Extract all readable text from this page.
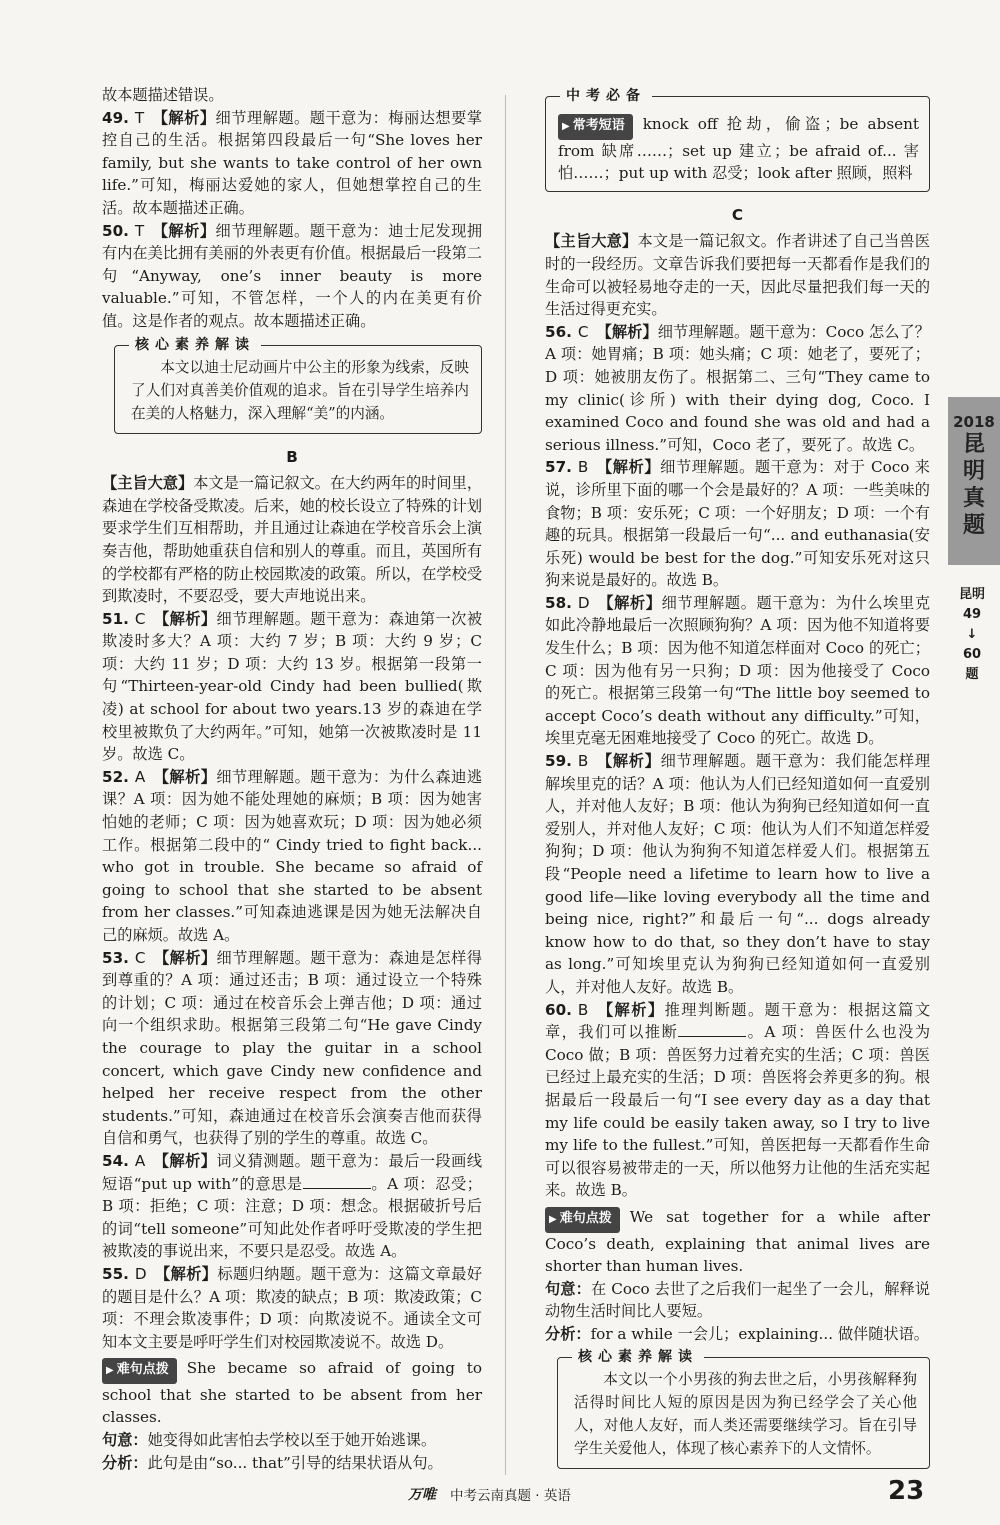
故本题描述错误。

49. T 【解析】细节理解题。题干意为：梅丽达想要掌控自己的生活。根据第四段最后一句“She loves her family, but she wants to take control of her own life.”可知，梅丽达爱她的家人，但她想掌控自己的生活。故本题描述正确。

50. T 【解析】细节理解题。题干意为：迪士尼发现拥有内在美比拥有美丽的外表更有价值。根据最后一段第二句“Anyway, one’s inner beauty is more valuable.”可知，不管怎样，一个人的内在美更有价值。这是作者的观点。故本题描述正确。

核心素养解读

本文以迪士尼动画片中公主的形象为线索，反映了人们对真善美价值观的追求。旨在引导学生培养内在美的人格魅力，深入理解“美”的内涵。

B

【主旨大意】本文是一篇记叙文。在大约两年的时间里，森迪在学校备受欺凌。后来，她的校长设立了特殊的计划要求学生们互相帮助，并且通过让森迪在学校音乐会上演奏吉他，帮助她重获自信和别人的尊重。而且，英国所有的学校都有严格的防止校园欺凌的政策。所以，在学校受到欺凌时，不要忍受，要大声地说出来。

51. C 【解析】细节理解题。题干意为：森迪第一次被欺凌时多大？A 项：大约 7 岁；B 项：大约 9 岁；C 项：大约 11 岁；D 项：大约 13 岁。根据第一段第一句“Thirteen-year-old Cindy had been bullied(欺凌) at school for about two years.13 岁的森迪在学校里被欺负了大约两年。”可知，她第一次被欺凌时是 11 岁。故选 C。

52. A 【解析】细节理解题。题干意为：为什么森迪逃课？A 项：因为她不能处理她的麻烦；B 项：因为她害怕她的老师；C 项：因为她喜欢玩；D 项：因为她必须工作。根据第二段中的“ Cindy tried to fight back... who got in trouble. She became so afraid of going to school that she started to be absent from her classes.”可知森迪逃课是因为她无法解决自己的麻烦。故选 A。

53. C 【解析】细节理解题。题干意为：森迪是怎样得到尊重的？A 项：通过还击；B 项：通过设立一个特殊的计划；C 项：通过在校音乐会上弹吉他；D 项：通过向一个组织求助。根据第三段第二句“He gave Cindy the courage to play the guitar in a school concert, which gave Cindy new confidence and helped her receive respect from the other students.”可知，森迪通过在校音乐会演奏吉他而获得自信和勇气，也获得了别的学生的尊重。故选 C。

54. A 【解析】词义猜测题。题干意为：最后一段画线短语“put up with”的意思是	。A 项：忍受；B 项：拒绝；C 项：注意；D 项：想念。根据破折号后的词“tell someone”可知此处作者呼吁受欺凌的学生把被欺凌的事说出来，不要只是忍受。故选 A。

55. D 【解析】标题归纳题。题干意为：这篇文章最好的题目是什么？A 项：欺凌的缺点；B 项：欺凌政策；C 项：不理会欺凌事件；D 项：向欺凌说不。通读全文可知本文主要是呼吁学生们对校园欺凌说不。故选 D。

▶ 难句点拨 She became so afraid of going to school that she started to be absent from her classes.

句意：她变得如此害怕去学校以至于她开始逃课。

分析：此句是由“so... that”引导的结果状语从句。

中考必备

▶ 常考短语 knock off 抢劫，偷盗；be absent from 缺席……；set up 建立；be afraid of... 害怕……；put up with 忍受；look after 照顾，照料

C

【主旨大意】本文是一篇记叙文。作者讲述了自己当兽医时的一段经历。文章告诉我们要把每一天都看作是我们的生命可以被轻易地夺走的一天，因此尽量把我们每一天的生活过得更充实。

56. C 【解析】细节理解题。题干意为：Coco 怎么了？A 项：她胃痛；B 项：她头痛；C 项：她老了，要死了；D 项：她被朋友伤了。根据第二、三句“They came to my clinic(诊所) with their dying dog, Coco. I examined Coco and found she was old and had a serious illness.”可知，Coco 老了，要死了。故选 C。

57. B 【解析】细节理解题。题干意为：对于 Coco 来说，诊所里下面的哪一个会是最好的？A 项：一些美味的食物；B 项：安乐死；C 项：一个好朋友；D 项：一个有趣的玩具。根据第一段最后一句“... and euthanasia(安乐死) would be best for the dog.”可知安乐死对这只狗来说是最好的。故选 B。

58. D 【解析】细节理解题。题干意为：为什么埃里克如此冷静地最后一次照顾狗狗？A 项：因为他不知道将要发生什么；B 项：因为他不知道怎样面对 Coco 的死亡；C 项：因为他有另一只狗；D 项：因为他接受了 Coco 的死亡。根据第三段第一句“The little boy seemed to accept Coco’s death without any difficulty.”可知，埃里克毫无困难地接受了 Coco 的死亡。故选 D。

59. B 【解析】细节理解题。题干意为：我们能怎样理解埃里克的话？A 项：他认为人们已经知道如何一直爱别人，并对他人友好；B 项：他认为狗狗已经知道如何一直爱别人，并对他人友好；C 项：他认为人们不知道怎样爱狗狗；D 项：他认为狗狗不知道怎样爱人们。根据第五段“People need a lifetime to learn how to live a good life—like loving everybody all the time and being nice, right?”和最后一句“... dogs already know how to do that, so they don’t have to stay as long.”可知埃里克认为狗狗已经知道如何一直爱别人，并对他人友好。故选 B。

60. B 【解析】推理判断题。题干意为：根据这篇文章，我们可以推断	。A 项：兽医什么也没为 Coco 做；B 项：兽医努力过着充实的生活；C 项：兽医已经过上最充实的生活；D 项：兽医将会养更多的狗。根据最后一段最后一句“I see every day as a day that my life could be easily taken away, so I try to live my life to the fullest.”可知，兽医把每一天都看作生命可以很容易被带走的一天，所以他努力让他的生活充实起来。故选 B。

▶ 难句点拨 We sat together for a while after Coco’s death, explaining that animal lives are shorter than human lives.

句意：在 Coco 去世了之后我们一起坐了一会儿，解释说动物生活时间比人要短。

分析：for a while 一会儿；explaining... 做伴随状语。

核心素养解读

本文以一个小男孩的狗去世之后，小男孩解释狗活得时间比人短的原因是因为狗已经学会了关心他人，对他人友好，而人类还需要继续学习。旨在引导学生关爱他人，体现了核心素养下的人文情怀。

2018
昆
明
真
题
昆明
49
↓
60
题
万唯 中考云南真题 · 英语	23
